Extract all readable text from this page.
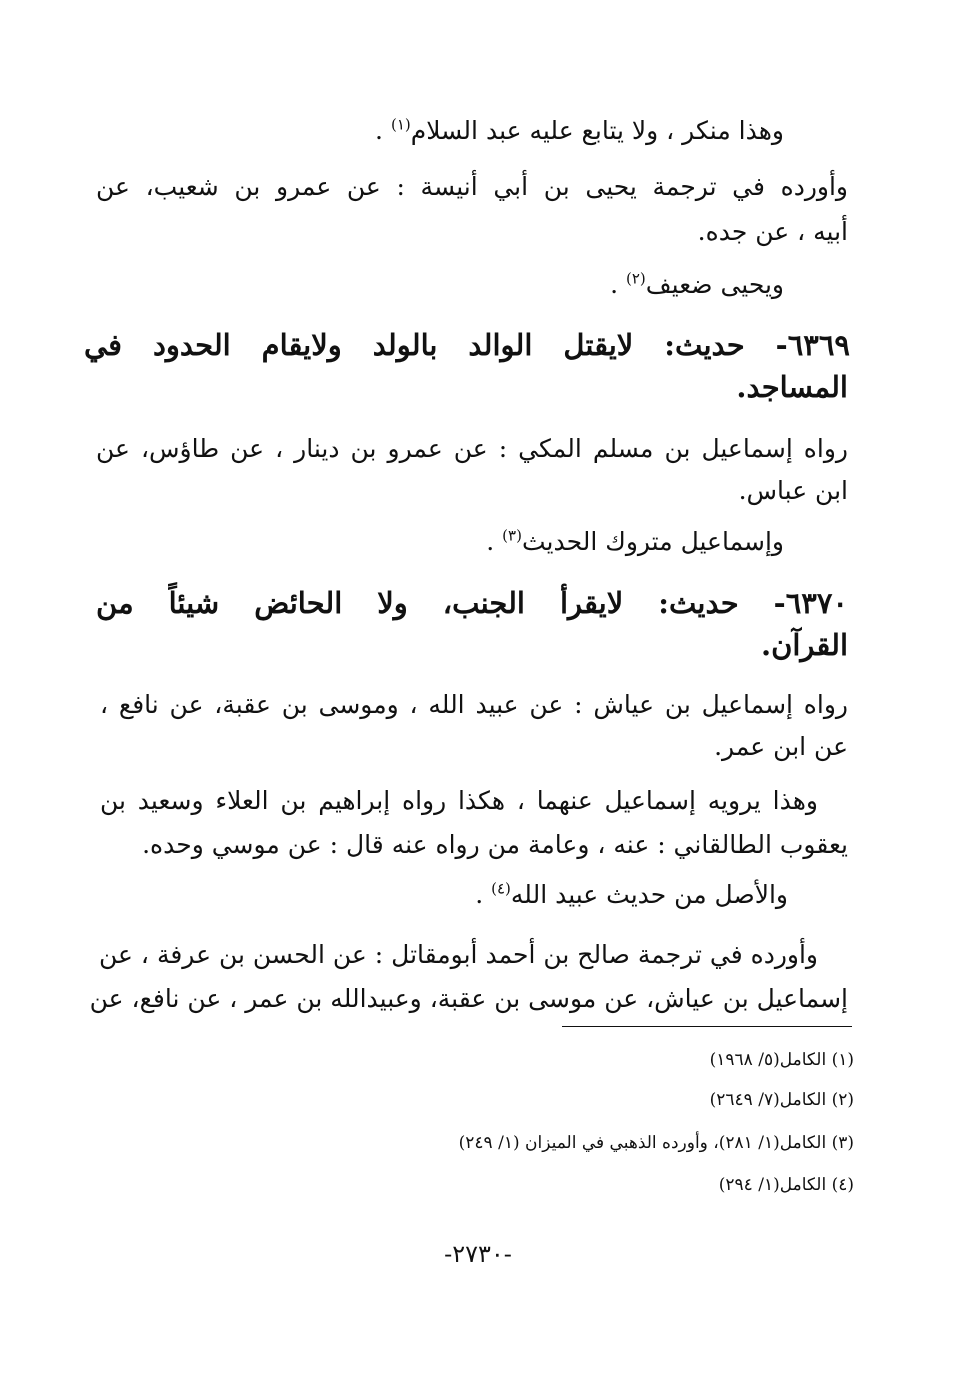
وهذا منكر ، ولا يتابع عليه عبد السلام$^{(١)}$ .
وأورده في ترجمة يحيى بن أبي أنيسة : عن عمرو بن شعيب، عن
أبيه ، عن جده.
ويحيى ضعيف$^{(٢)}$ .
٦٣٦٩- حديث: لايقتل الوالد بالولد ولايقام الحدود في
المساجد.
رواه إسماعيل بن مسلم المكي : عن عمرو بن دينار ، عن طاؤس، عن
ابن عباس.
وإسماعيل متروك الحديث$^{(٣)}$ .
٦٣٧٠- حديث: لايقرأ الجنب، ولا الحائض شيئاً من
القرآن.
رواه إسماعيل بن عياش : عن عبيد الله ، وموسى بن عقبة، عن نافع ،
عن ابن عمر.
وهذا يرويه إسماعيل عنهما ، هكذا رواه إبراهيم بن العلاء وسعيد بن
يعقوب الطالقاني : عنه ، وعامة من رواه عنه قال : عن موسي وحده.
والأصل من حديث عبيد الله$^{(٤)}$ .
وأورده في ترجمة صالح بن أحمد أبومقاتل : عن الحسن بن عرفة ، عن
إسماعيل بن عياش، عن موسى بن عقبة، وعبيدالله بن عمر ، عن نافع، عن
(١) الكامل(٥/ ١٩٦٨)
(٢) الكامل(٧/ ٢٦٤٩)
(٣) الكامل(١/ ٢٨١)، وأورده الذهبي في الميزان (١/ ٢٤٩)
(٤) الكامل(١/ ٢٩٤)
-٢٧٣٠-
